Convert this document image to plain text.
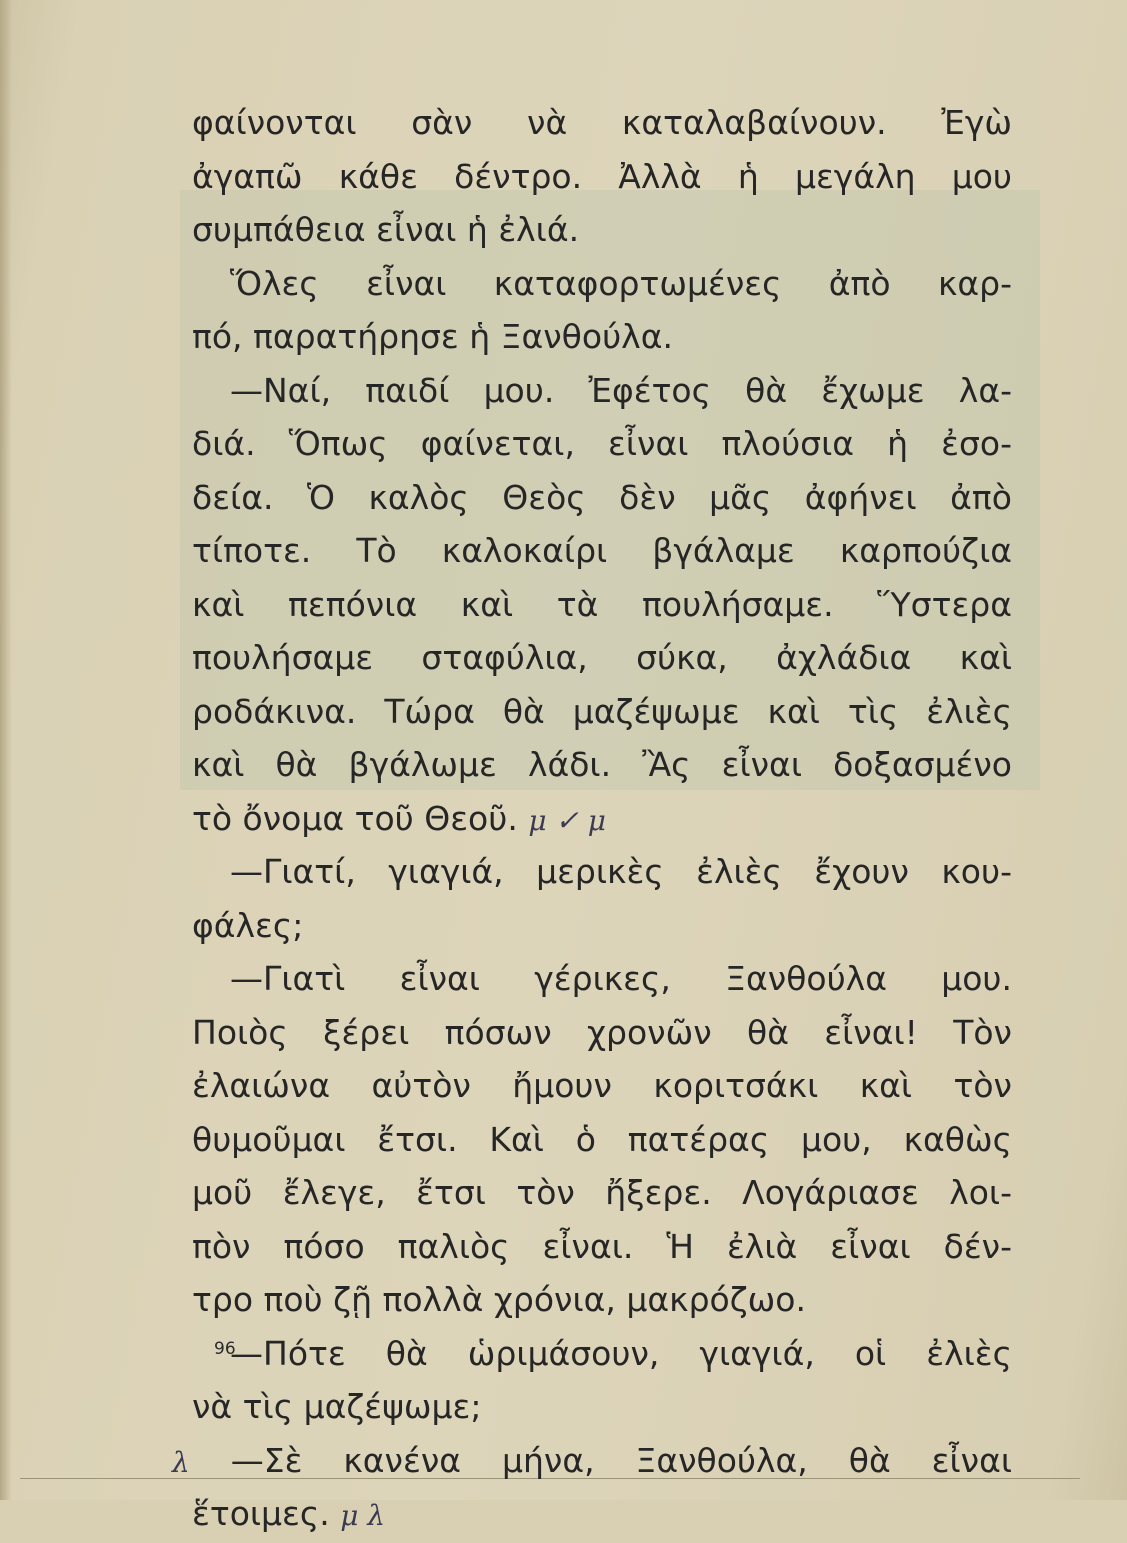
φαίνονται σὰν νὰ καταλαβαίνουν. Ἐγὼ
ἀγαπῶ κάθε δέντρο. Ἀλλὰ ἡ μεγάλη μου
συμπάθεια εἶναι ἡ ἐλιά.
Ὅλες εἶναι καταφορτωμένες ἀπὸ καρ-
πό, παρατήρησε ἡ Ξανθούλα.
—Ναί, παιδί μου. Ἐφέτος θὰ ἔχωμε λα-
διά. Ὅπως φαίνεται, εἶναι πλούσια ἡ ἐσο-
δεία. Ὁ καλὸς Θεὸς δὲν μᾶς ἀφήνει ἀπὸ
τίποτε. Τὸ καλοκαίρι βγάλαμε καρπούζια
καὶ πεπόνια καὶ τὰ πουλήσαμε. Ὕστερα
πουλήσαμε σταφύλια, σύκα, ἀχλάδια καὶ
ροδάκινα. Τώρα θὰ μαζέψωμε καὶ τὶς ἐλιὲς
καὶ θὰ βγάλωμε λάδι. Ἂς εἶναι δοξασμένο
τὸ ὄνομα τοῦ Θεοῦ. μ ✓ μ
—Γιατί, γιαγιά, μερικὲς ἐλιὲς ἔχουν κου-
φάλες;
—Γιατὶ εἶναι γέρικες, Ξανθούλα μου.
Ποιὸς ξέρει πόσων χρονῶν θὰ εἶναι! Τὸν
ἐλαιώνα αὐτὸν ἤμουν κοριτσάκι καὶ τὸν
θυμοῦμαι ἔτσι. Καὶ ὁ πατέρας μου, καθὼς
μοῦ ἔλεγε, ἔτσι τὸν ἤξερε. Λογάριασε λοι-
πὸν πόσο παλιὸς εἶναι. Ἡ ἐλιὰ εἶναι δέν-
τρο ποὺ ζῇ πολλὰ χρόνια, μακρόζωο.
—Πότε θὰ ὡριμάσουν, γιαγιά, οἱ ἐλιὲς
νὰ τὶς μαζέψωμε;
λ —Σὲ κανένα μήνα, Ξανθούλα, θὰ εἶναι
ἕτοιμες. μ λ
96
